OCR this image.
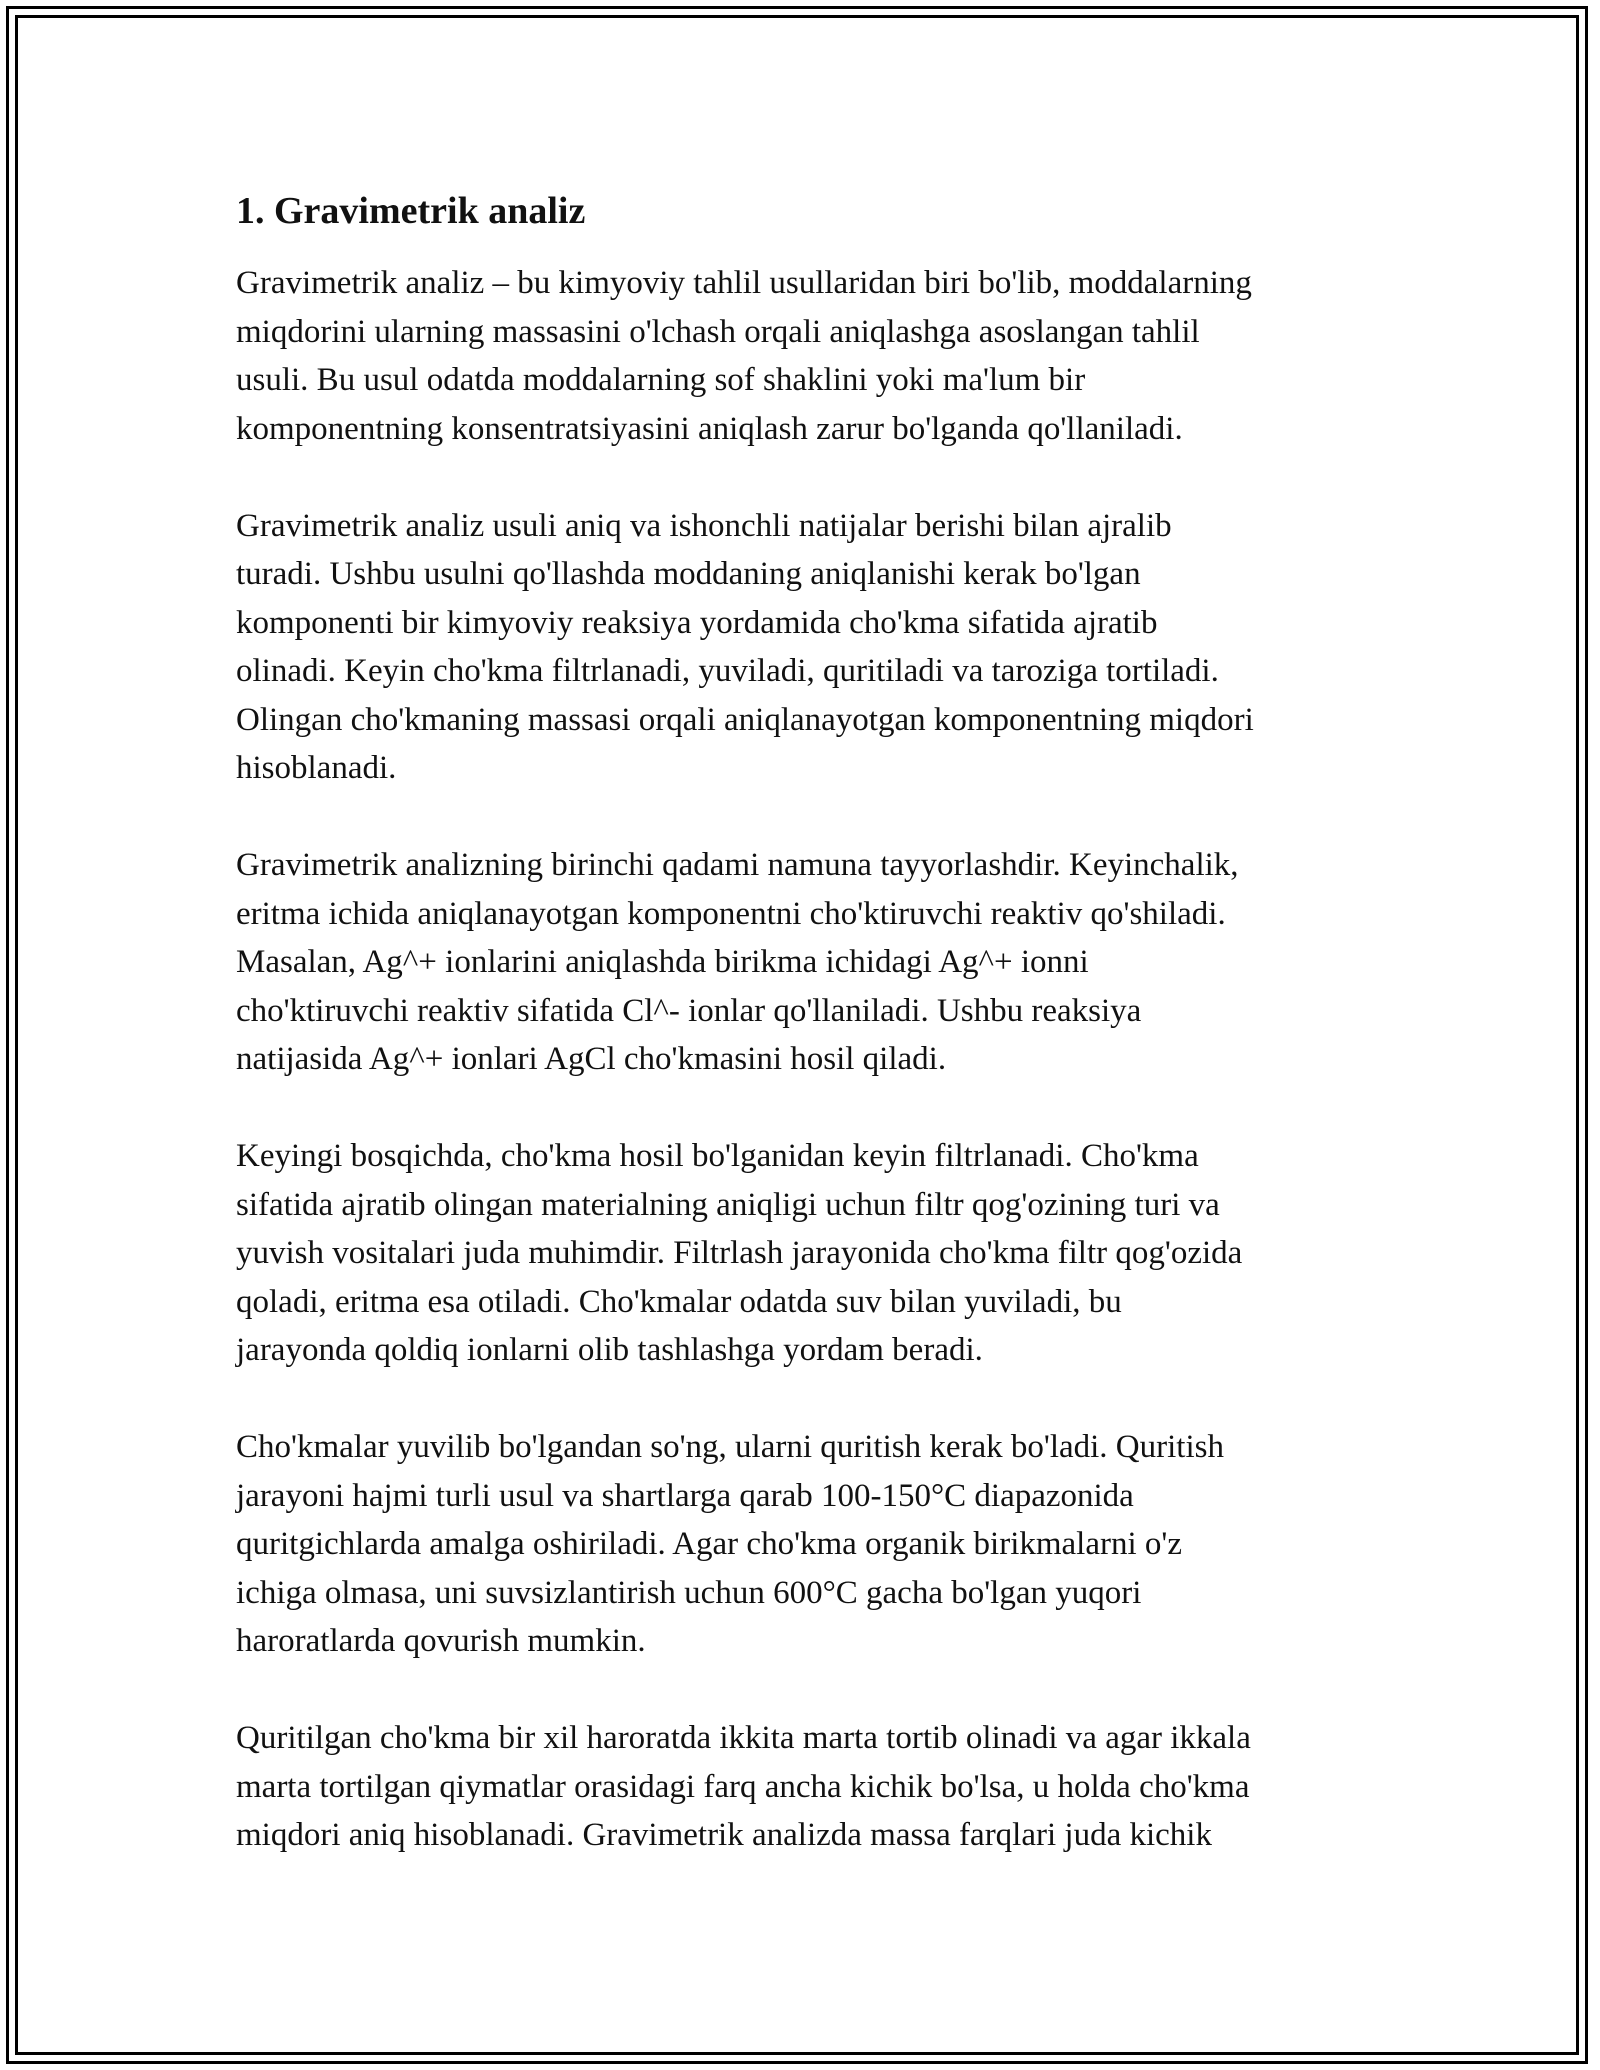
1. Gravimetrik analiz

Gravimetrik analiz – bu kimyoviy tahlil usullaridan biri bo'lib, moddalarning
miqdorini ularning massasini o'lchash orqali aniqlashga asoslangan tahlil
usuli. Bu usul odatda moddalarning sof shaklini yoki ma'lum bir
komponentning konsentratsiyasini aniqlash zarur bo'lganda qo'llaniladi.

Gravimetrik analiz usuli aniq va ishonchli natijalar berishi bilan ajralib
turadi. Ushbu usulni qo'llashda moddaning aniqlanishi kerak bo'lgan
komponenti bir kimyoviy reaksiya yordamida cho'kma sifatida ajratib
olinadi. Keyin cho'kma filtrlanadi, yuviladi, quritiladi va taroziga tortiladi.
Olingan cho'kmaning massasi orqali aniqlanayotgan komponentning miqdori
hisoblanadi.

Gravimetrik analizning birinchi qadami namuna tayyorlashdir. Keyinchalik,
eritma ichida aniqlanayotgan komponentni cho'ktiruvchi reaktiv qo'shiladi.
Masalan, Ag^+ ionlarini aniqlashda birikma ichidagi Ag^+ ionni
cho'ktiruvchi reaktiv sifatida Cl^- ionlar qo'llaniladi. Ushbu reaksiya
natijasida Ag^+ ionlari AgCl cho'kmasini hosil qiladi.

Keyingi bosqichda, cho'kma hosil bo'lganidan keyin filtrlanadi. Cho'kma
sifatida ajratib olingan materialning aniqligi uchun filtr qog'ozining turi va
yuvish vositalari juda muhimdir. Filtrlash jarayonida cho'kma filtr qog'ozida
qoladi, eritma esa otiladi. Cho'kmalar odatda suv bilan yuviladi, bu
jarayonda qoldiq ionlarni olib tashlashga yordam beradi.

Cho'kmalar yuvilib bo'lgandan so'ng, ularni quritish kerak bo'ladi. Quritish
jarayoni hajmi turli usul va shartlarga qarab 100-150°C diapazonida
quritgichlarda amalga oshiriladi. Agar cho'kma organik birikmalarni o'z
ichiga olmasa, uni suvsizlantirish uchun 600°C gacha bo'lgan yuqori
haroratlarda qovurish mumkin.

Quritilgan cho'kma bir xil haroratda ikkita marta tortib olinadi va agar ikkala
marta tortilgan qiymatlar orasidagi farq ancha kichik bo'lsa, u holda cho'kma
miqdori aniq hisoblanadi. Gravimetrik analizda massa farqlari juda kichik
